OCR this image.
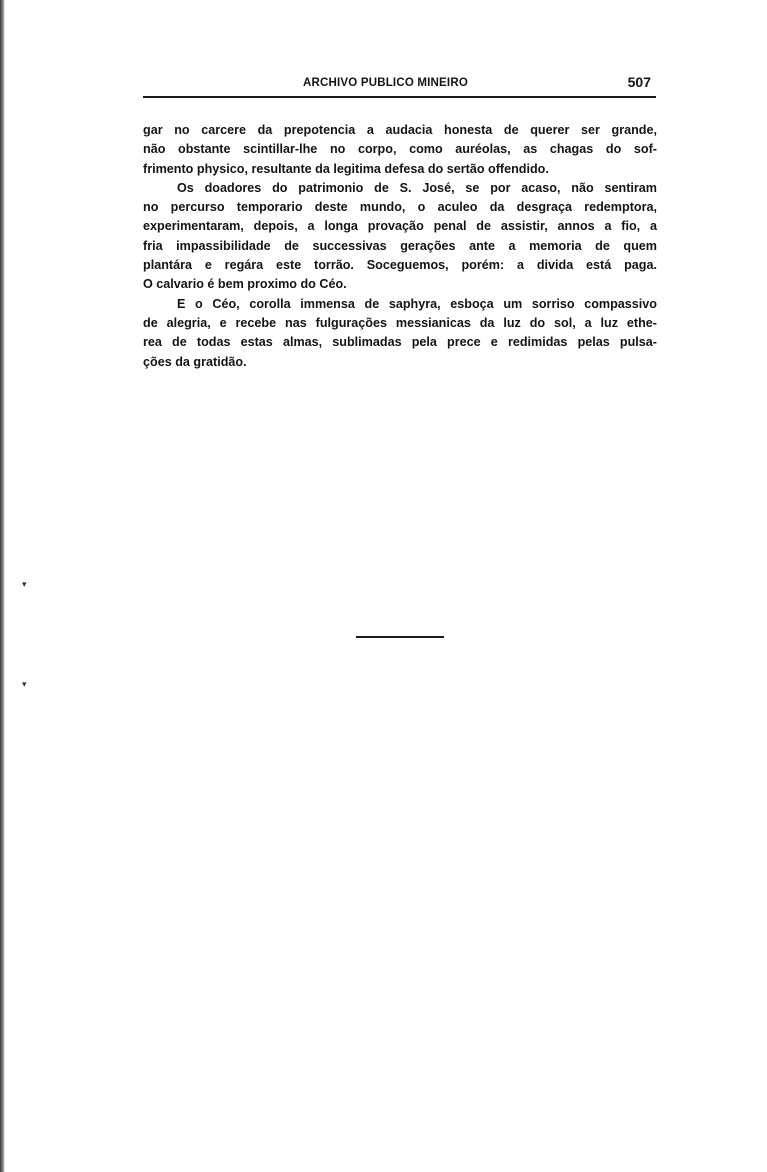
ARCHIVO PUBLICO MINEIRO	507
gar no carcere da prepotencia a audacia honesta de querer ser grande,
não obstante scintillar-lhe no corpo, como auréolas, as chagas do sof-
frimento physico, resultante da legitima defesa do sertão offendido.
Os doadores do patrimonio de S. José, se por acaso, não sentiram
no percurso temporario deste mundo, o aculeo da desgraça redemptora,
experimentaram, depois, a longa provação penal de assistir, annos a fio, a
fria impassibilidade de successivas gerações ante a memoria de quem
plantára e regára este torrão. Soceguemos, porém: a divida está paga.
O calvario é bem proximo do Céo.
E o Céo, corolla immensa de saphyra, esboça um sorriso compassivo
de alegria, e recebe nas fulgurações messianicas da luz do sol, a luz ethe-
rea de todas estas almas, sublimadas pela prece e redimidas pelas pulsa-
ções da gratidão.
▾
▾
